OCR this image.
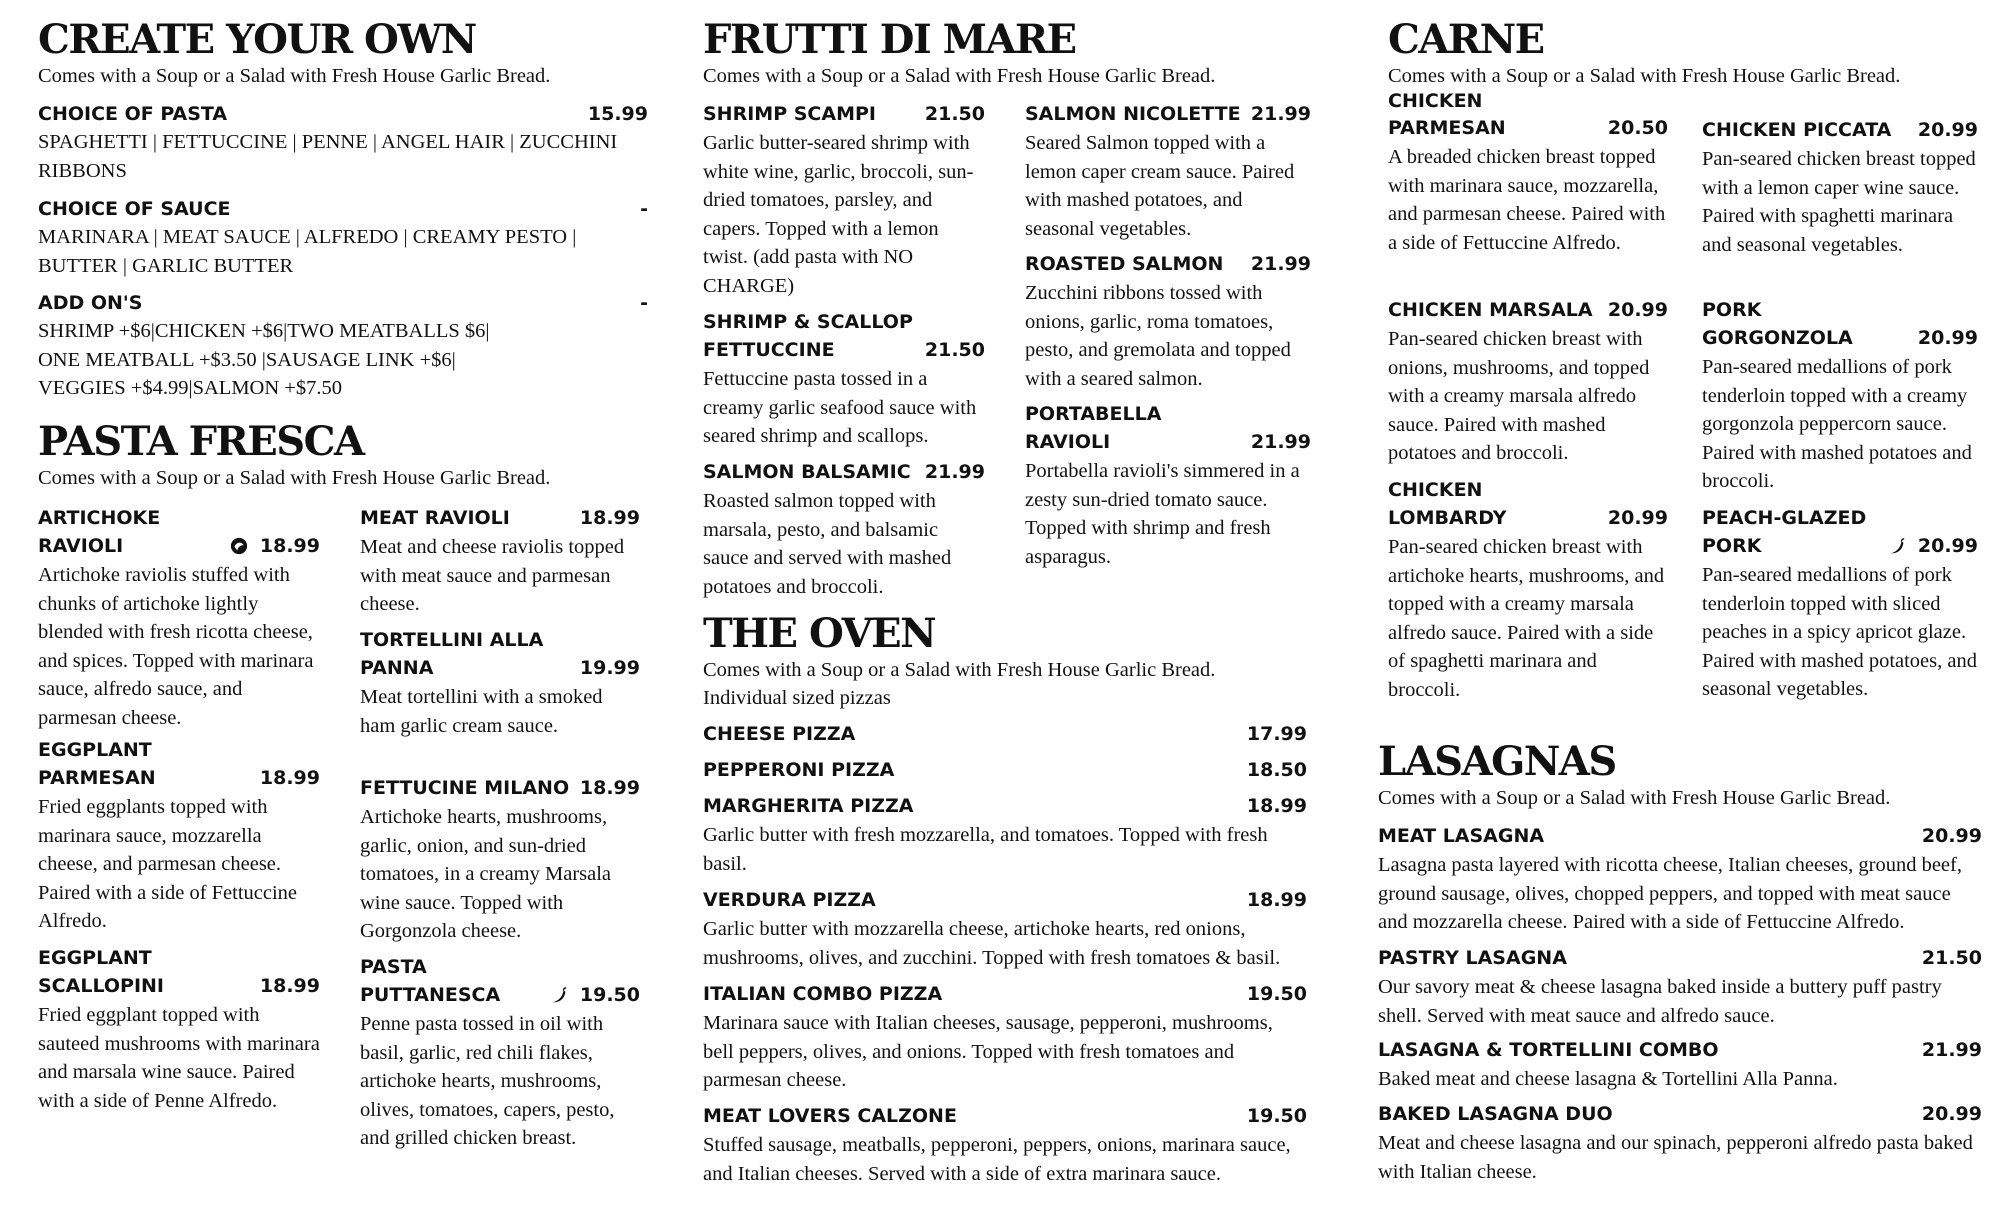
CREATE YOUR OWN

Comes with a Soup or a Salad with Fresh House Garlic Bread.

CHOICE OF PASTA	15.99
SPAGHETTI | FETTUCCINE | PENNE | ANGEL HAIR | ZUCCHINI RIBBONS
CHOICE OF SAUCE	-
MARINARA | MEAT SAUCE | ALFREDO | CREAMY PESTO | BUTTER | GARLIC BUTTER
ADD ON'S	-
SHRIMP +$6|CHICKEN +$6|TWO MEATBALLS $6|
ONE MEATBALL +$3.50 |SAUSAGE LINK +$6|
VEGGIES +$4.99|SALMON +$7.50
PASTA FRESCA

Comes with a Soup or a Salad with Fresh House Garlic Bread.

ARTICHOKE
RAVIOLI	18.99
Artichoke raviolis stuffed with chunks of artichoke lightly blended with fresh ricotta cheese, and spices. Topped with marinara sauce, alfredo sauce, and parmesan cheese.
EGGPLANT
PARMESAN	18.99
Fried eggplants topped with marinara sauce, mozzarella cheese, and parmesan cheese. Paired with a side of Fettuccine Alfredo.
EGGPLANT
SCALLOPINI	18.99
Fried eggplant topped with sauteed mushrooms with marinara and marsala wine sauce. Paired with a side of Penne Alfredo.
MEAT RAVIOLI	18.99
Meat and cheese raviolis topped with meat sauce and parmesan cheese.
TORTELLINI ALLA
PANNA	19.99
Meat tortellini with a smoked ham garlic cream sauce.
FETTUCINE MILANO 18.99
Artichoke hearts, mushrooms, garlic, onion, and sun-dried tomatoes, in a creamy Marsala wine sauce. Topped with Gorgonzola cheese.
PASTA
PUTTANESCA	19.50
Penne pasta tossed in oil with basil, garlic, red chili flakes, artichoke hearts, mushrooms, olives, tomatoes, capers, pesto, and grilled chicken breast.
FRUTTI DI MARE

Comes with a Soup or a Salad with Fresh House Garlic Bread.

SHRIMP SCAMPI	21.50
Garlic butter-seared shrimp with white wine, garlic, broccoli, sun-dried tomatoes, parsley, and capers. Topped with a lemon twist. (add pasta with NO CHARGE)
SHRIMP & SCALLOP
FETTUCCINE	21.50
Fettuccine pasta tossed in a creamy garlic seafood sauce with seared shrimp and scallops.
SALMON BALSAMIC 21.99
Roasted salmon topped with marsala, pesto, and balsamic sauce and served with mashed potatoes and broccoli.
SALMON NICOLETTE 21.99
Seared Salmon topped with a lemon caper cream sauce. Paired with mashed potatoes, and seasonal vegetables.
ROASTED SALMON	21.99
Zucchini ribbons tossed with onions, garlic, roma tomatoes, pesto, and gremolata and topped with a seared salmon.
PORTABELLA RAVIOLI	21.99
Portabella ravioli's simmered in a zesty sun-dried tomato sauce. Topped with shrimp and fresh asparagus.
THE OVEN

Comes with a Soup or a Salad with Fresh House Garlic Bread.

Individual sized pizzas

CHEESE PIZZA	17.99
PEPPERONI PIZZA	18.50
MARGHERITA PIZZA	18.99
Garlic butter with fresh mozzarella, and tomatoes. Topped with fresh basil.
VERDURA PIZZA	18.99
Garlic butter with mozzarella cheese, artichoke hearts, red onions, mushrooms, olives, and zucchini. Topped with fresh tomatoes & basil.
ITALIAN COMBO PIZZA	19.50
Marinara sauce with Italian cheeses, sausage, pepperoni, mushrooms, bell peppers, olives, and onions. Topped with fresh tomatoes and parmesan cheese.
MEAT LOVERS CALZONE	19.50
Stuffed sausage, meatballs, pepperoni, peppers, onions, marinara sauce, and Italian cheeses. Served with a side of extra marinara sauce.
CARNE

Comes with a Soup or a Salad with Fresh House Garlic Bread.

CHICKEN
PARMESAN	20.50
A breaded chicken breast topped with marinara sauce, mozzarella, and parmesan cheese. Paired with a side of Fettuccine Alfredo.
CHICKEN MARSALA 20.99
Pan-seared chicken breast with onions, mushrooms, and topped with a creamy marsala alfredo sauce. Paired with mashed potatoes and broccoli.
CHICKEN
LOMBARDY	20.99
Pan-seared chicken breast with artichoke hearts, mushrooms, and topped with a creamy marsala alfredo sauce. Paired with a side of spaghetti marinara and broccoli.
CHICKEN PICCATA	20.99
Pan-seared chicken breast topped with a lemon caper wine sauce. Paired with spaghetti marinara and seasonal vegetables.
PORK
GORGONZOLA	20.99
Pan-seared medallions of pork tenderloin topped with a creamy gorgonzola peppercorn sauce. Paired with mashed potatoes and broccoli.
PEACH-GLAZED
PORK	20.99
Pan-seared medallions of pork tenderloin topped with sliced peaches in a spicy apricot glaze. Paired with mashed potatoes, and seasonal vegetables.
LASAGNAS

Comes with a Soup or a Salad with Fresh House Garlic Bread.

MEAT LASAGNA	20.99
Lasagna pasta layered with ricotta cheese, Italian cheeses, ground beef, ground sausage, olives, chopped peppers, and topped with meat sauce and mozzarella cheese. Paired with a side of Fettuccine Alfredo.
PASTRY LASAGNA	21.50
Our savory meat & cheese lasagna baked inside a buttery puff pastry shell. Served with meat sauce and alfredo sauce.
LASAGNA & TORTELLINI COMBO	21.99
Baked meat and cheese lasagna & Tortellini Alla Panna.
BAKED LASAGNA DUO	20.99
Meat and cheese lasagna and our spinach, pepperoni alfredo pasta baked with Italian cheese.
